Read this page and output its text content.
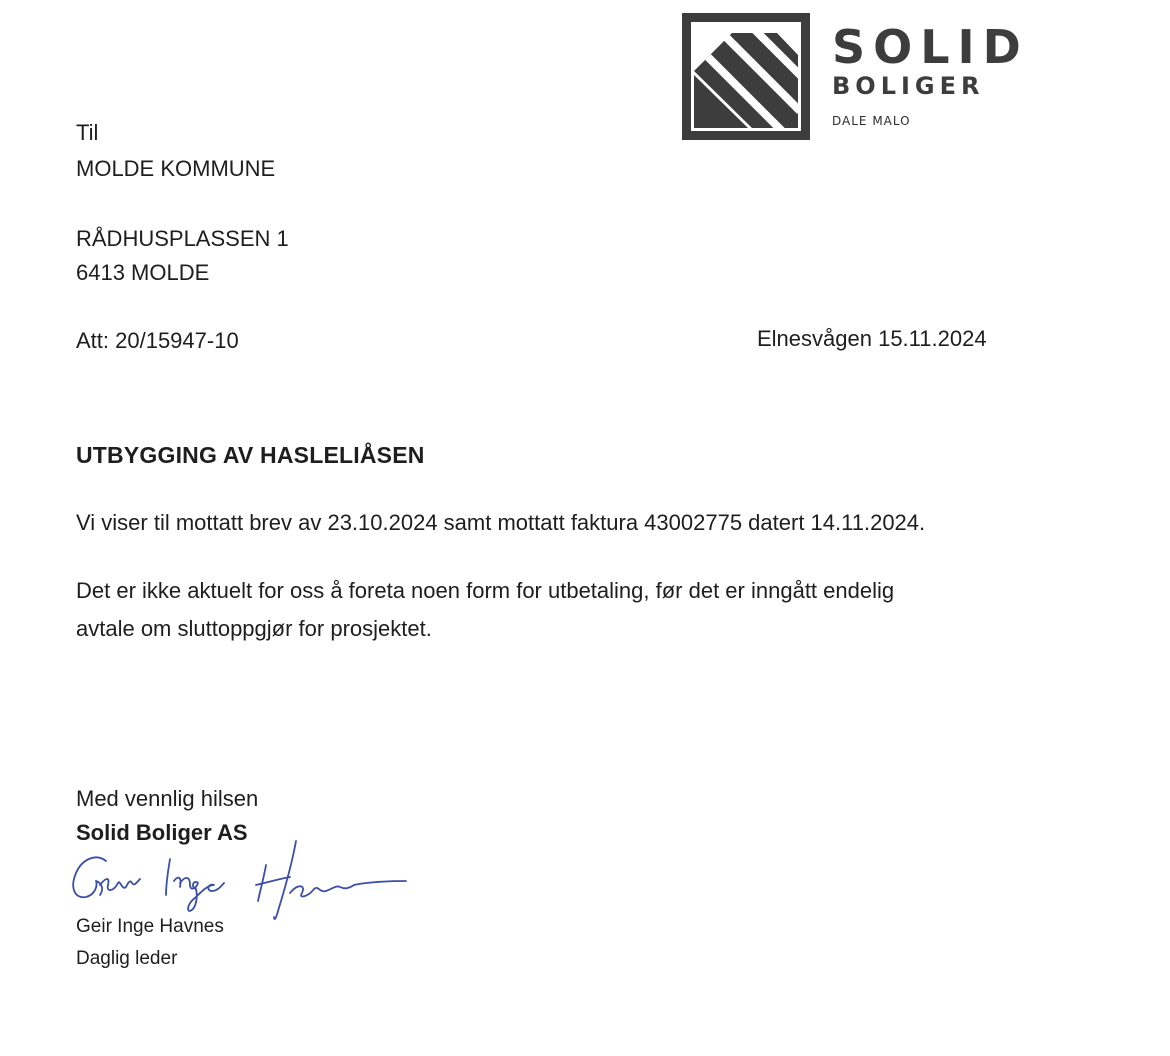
SOLID
BOLIGER
DALE MALO
Til
MOLDE KOMMUNE
RÅDHUSPLASSEN 1
6413 MOLDE
Att: 20/15947-10	Elnesvågen 15.11.2024
UTBYGGING AV HASLELIÅSEN
Vi viser til mottatt brev av 23.10.2024 samt mottatt faktura 43002775 datert 14.11.2024.
Det er ikke aktuelt for oss å foreta noen form for utbetaling, før det er inngått endelig
avtale om sluttoppgjør for prosjektet.
Med vennlig hilsen
Solid Boliger AS
Geir Inge Havnes
Daglig leder
